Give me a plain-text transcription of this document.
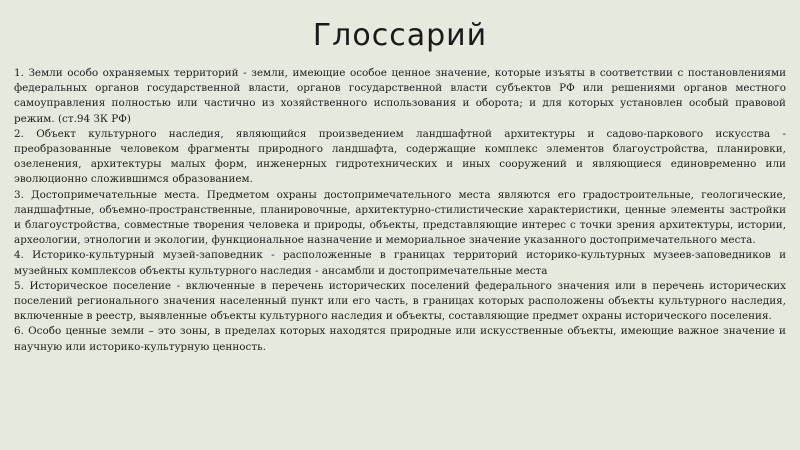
Глоссарий

1. Земли особо охраняемых территорий - земли, имеющие особое ценное значение, которые изъяты в соответствии с постановлениями федеральных органов государственной власти, органов государственной власти субъектов РФ или решениями органов местного самоуправления полностью или частично из хозяйственного использования и оборота; и для которых установлен особый правовой режим. (ст.94 ЗК РФ)

2. Объект культурного наследия, являющийся произведением ландшафтной архитектуры и садово-паркового искусства - преобразованные человеком фрагменты природного ландшафта, содержащие комплекс элементов благоустройства, планировки, озеленения, архитектуры малых форм, инженерных гидротехнических и иных сооружений и являющиеся единовременно или эволюционно сложившимся образованием.

3. Достопримечательные места. Предметом охраны достопримечательного места являются его градостроительные, геологические, ландшафтные, объемно-пространственные, планировочные, архитектурно-стилистические характеристики, ценные элементы застройки и благоустройства, совместные творения человека и природы, объекты, представляющие интерес с точки зрения архитектуры, истории, археологии, этнологии и экологии, функциональное назначение и мемориальное значение указанного достопримечательного места.

4. Историко-культурный музей-заповедник - расположенные в границах территорий историко-культурных музеев-заповедников и музейных комплексов объекты культурного наследия - ансамбли и достопримечательные места

5. Историческое поселение - включенные в перечень исторических поселений федерального значения или в перечень исторических поселений регионального значения населенный пункт или его часть, в границах которых расположены объекты культурного наследия, включенные в реестр, выявленные объекты культурного наследия и объекты, составляющие предмет охраны исторического поселения.

6. Особо ценные земли – это зоны, в пределах которых находятся природные или искусственные объекты, имеющие важное значение и научную или историко-культурную ценность.
